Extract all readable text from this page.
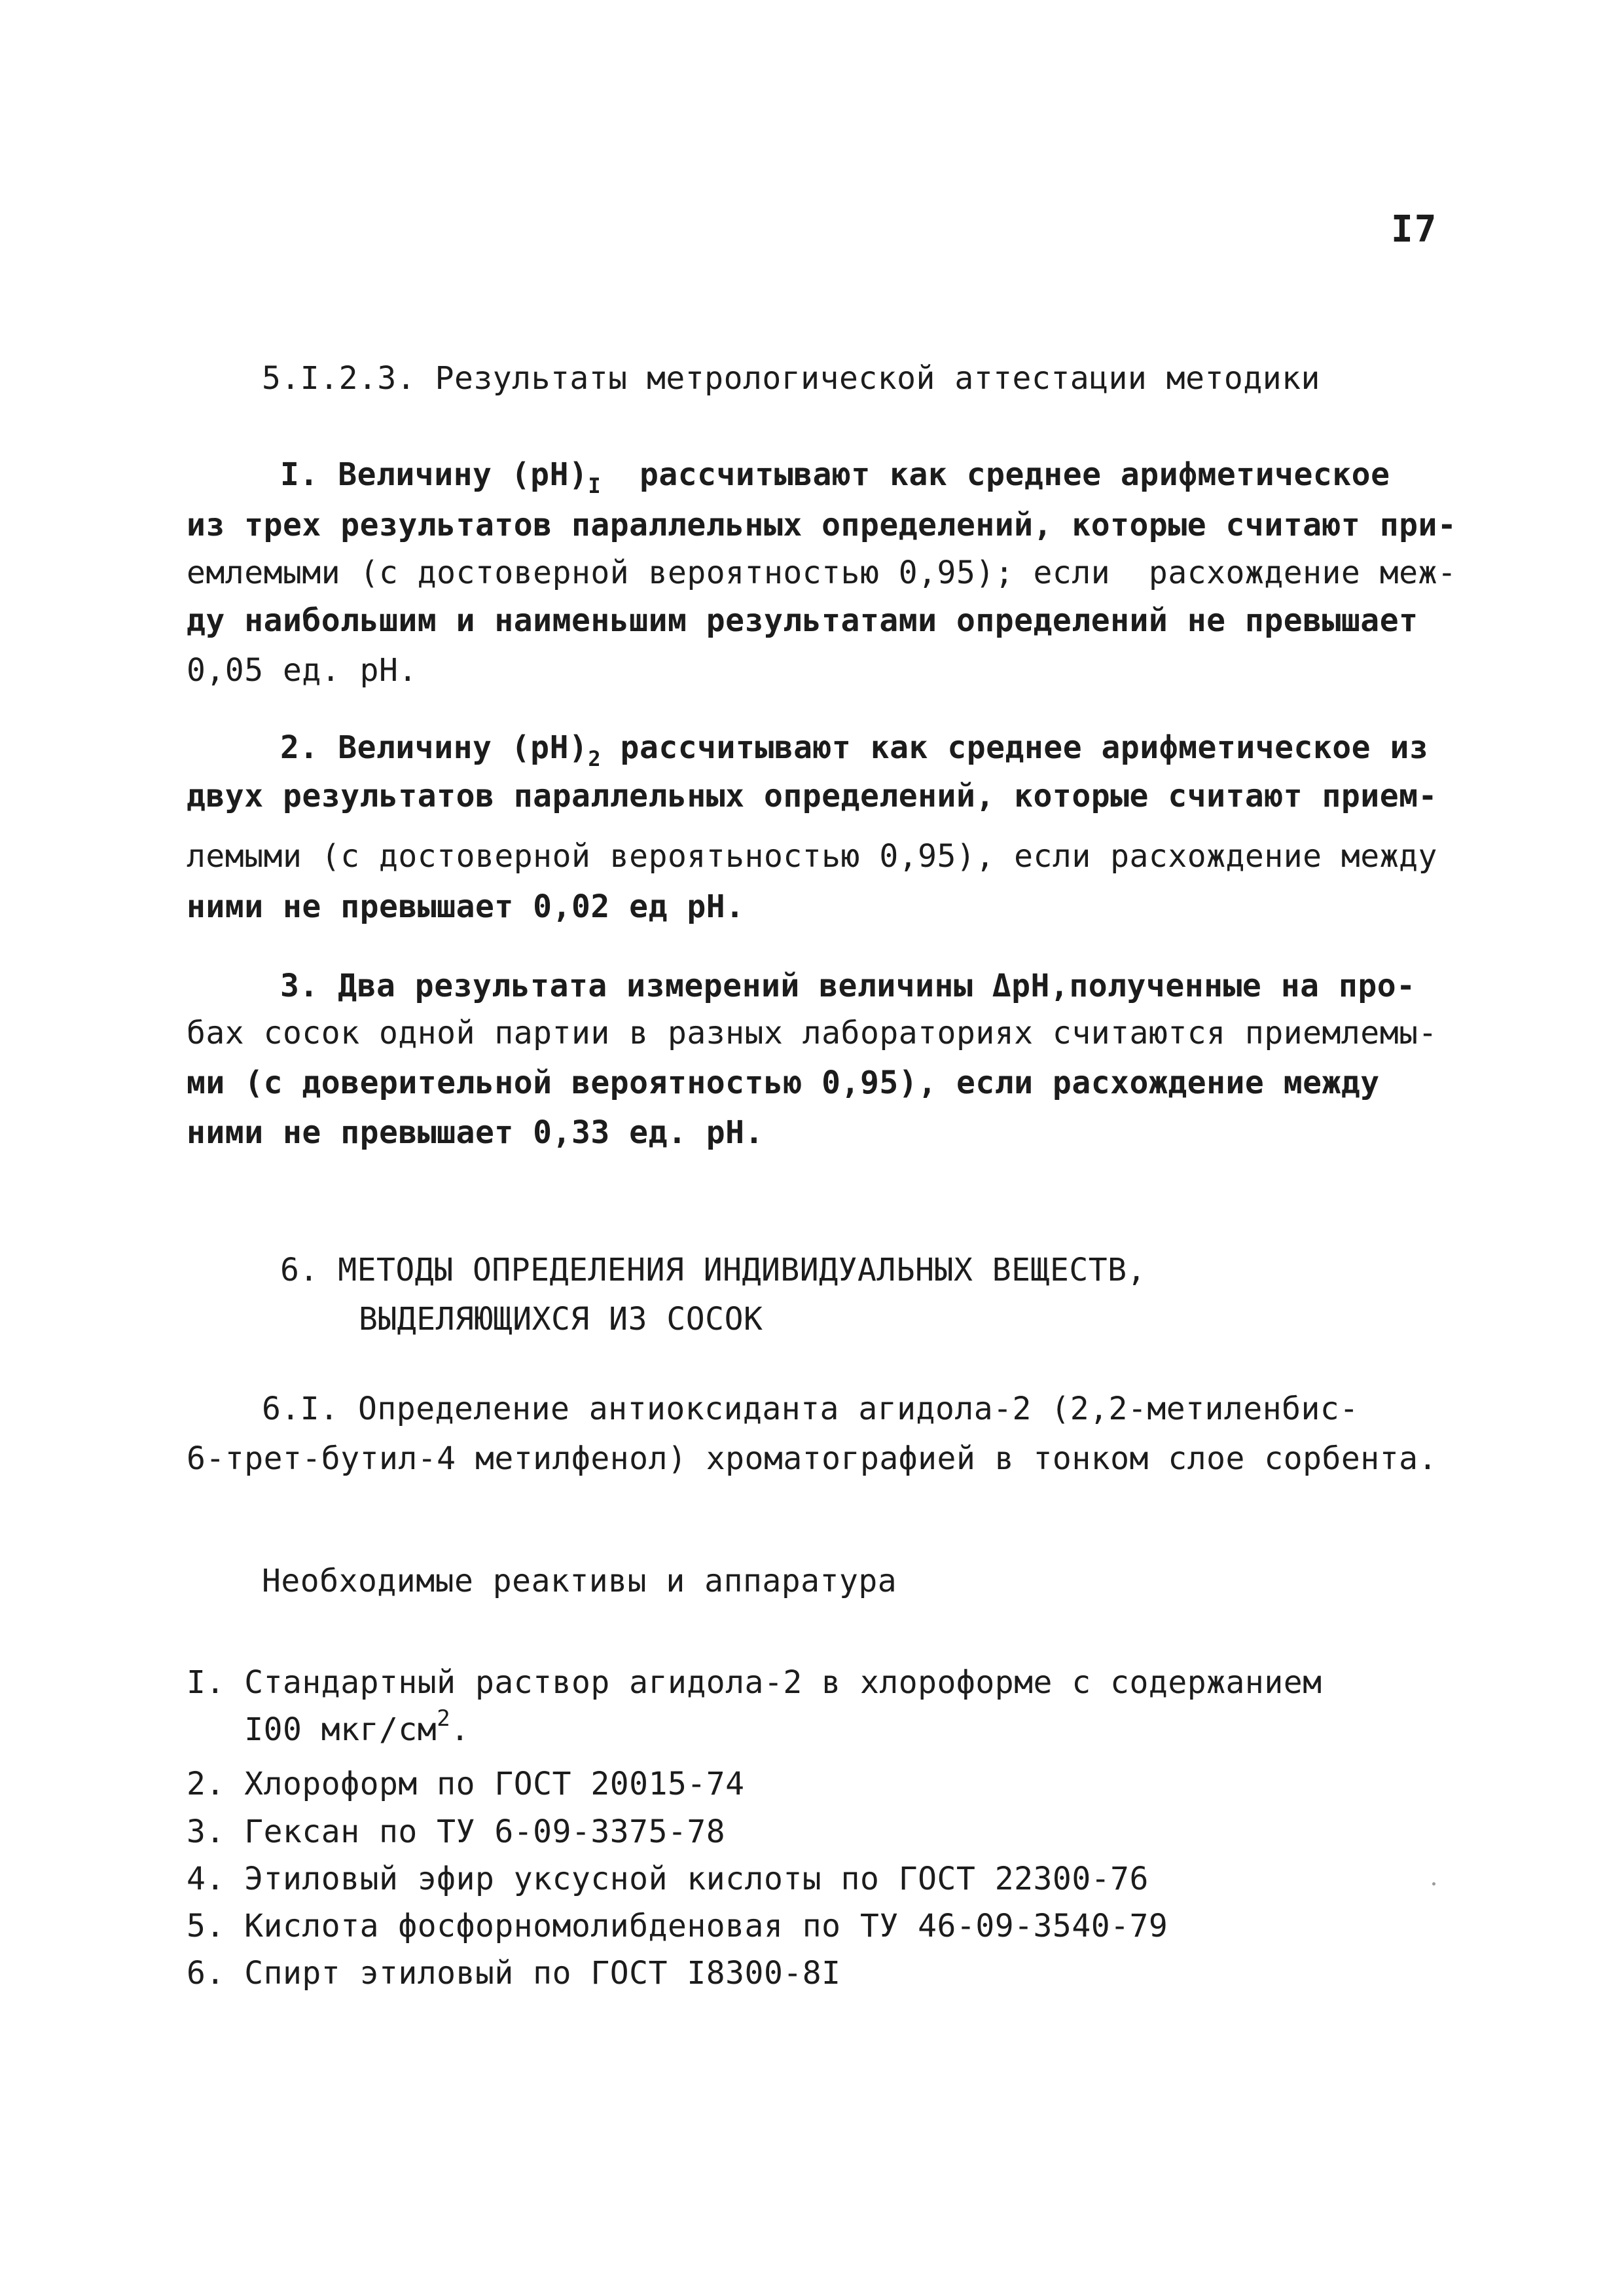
I7
5.I.2.3. Результаты метрологической аттестации методики
I. Величину $(pH)_I$  рассчитывают как среднее арифметическое
из трех результатов параллельных определений, которые считают при-
емлемыми (с достоверной вероятностью 0,95); если  расхождение меж-
ду наибольшим и наименьшим результатами определений не превышает
0,05 ед. pH.
2. Величину $(pH)_2$ рассчитывают как среднее арифметическое из
двух результатов параллельных определений, которые считают прием-
лемыми (с достоверной вероятьностью 0,95), если расхождение между
ними не превышает 0,02 ед pH.
3. Два результата измерений величины ΔpH,полученные на про-
бах сосок одной партии в разных лабораториях считаются приемлемы-
ми (с доверительной вероятностью 0,95), если расхождение между
ними не превышает 0,33 ед. pH.
6. МЕТОДЫ ОПРЕДЕЛЕНИЯ ИНДИВИДУАЛЬНЫХ ВЕЩЕСТВ,
ВЫДЕЛЯЮЩИХСЯ ИЗ СОСОК
6.I. Определение антиоксиданта агидола-2 (2,2-метиленбис-
6-трет-бутил-4 метилфенол) хроматографией в тонком слое сорбента.
Необходимые реактивы и аппаратура
I. Стандартный раствор агидола-2 в хлороформе с содержанием
I00 мкг/$см^2$.
2. Хлороформ по ГОСТ 20015-74
3. Гексан по ТУ 6-09-3375-78
4. Этиловый эфир уксусной кислоты по ГОСТ 22300-76
5. Кислота фосфорномолибденовая по ТУ 46-09-3540-79
6. Спирт этиловый по ГОСТ I8300-8I
